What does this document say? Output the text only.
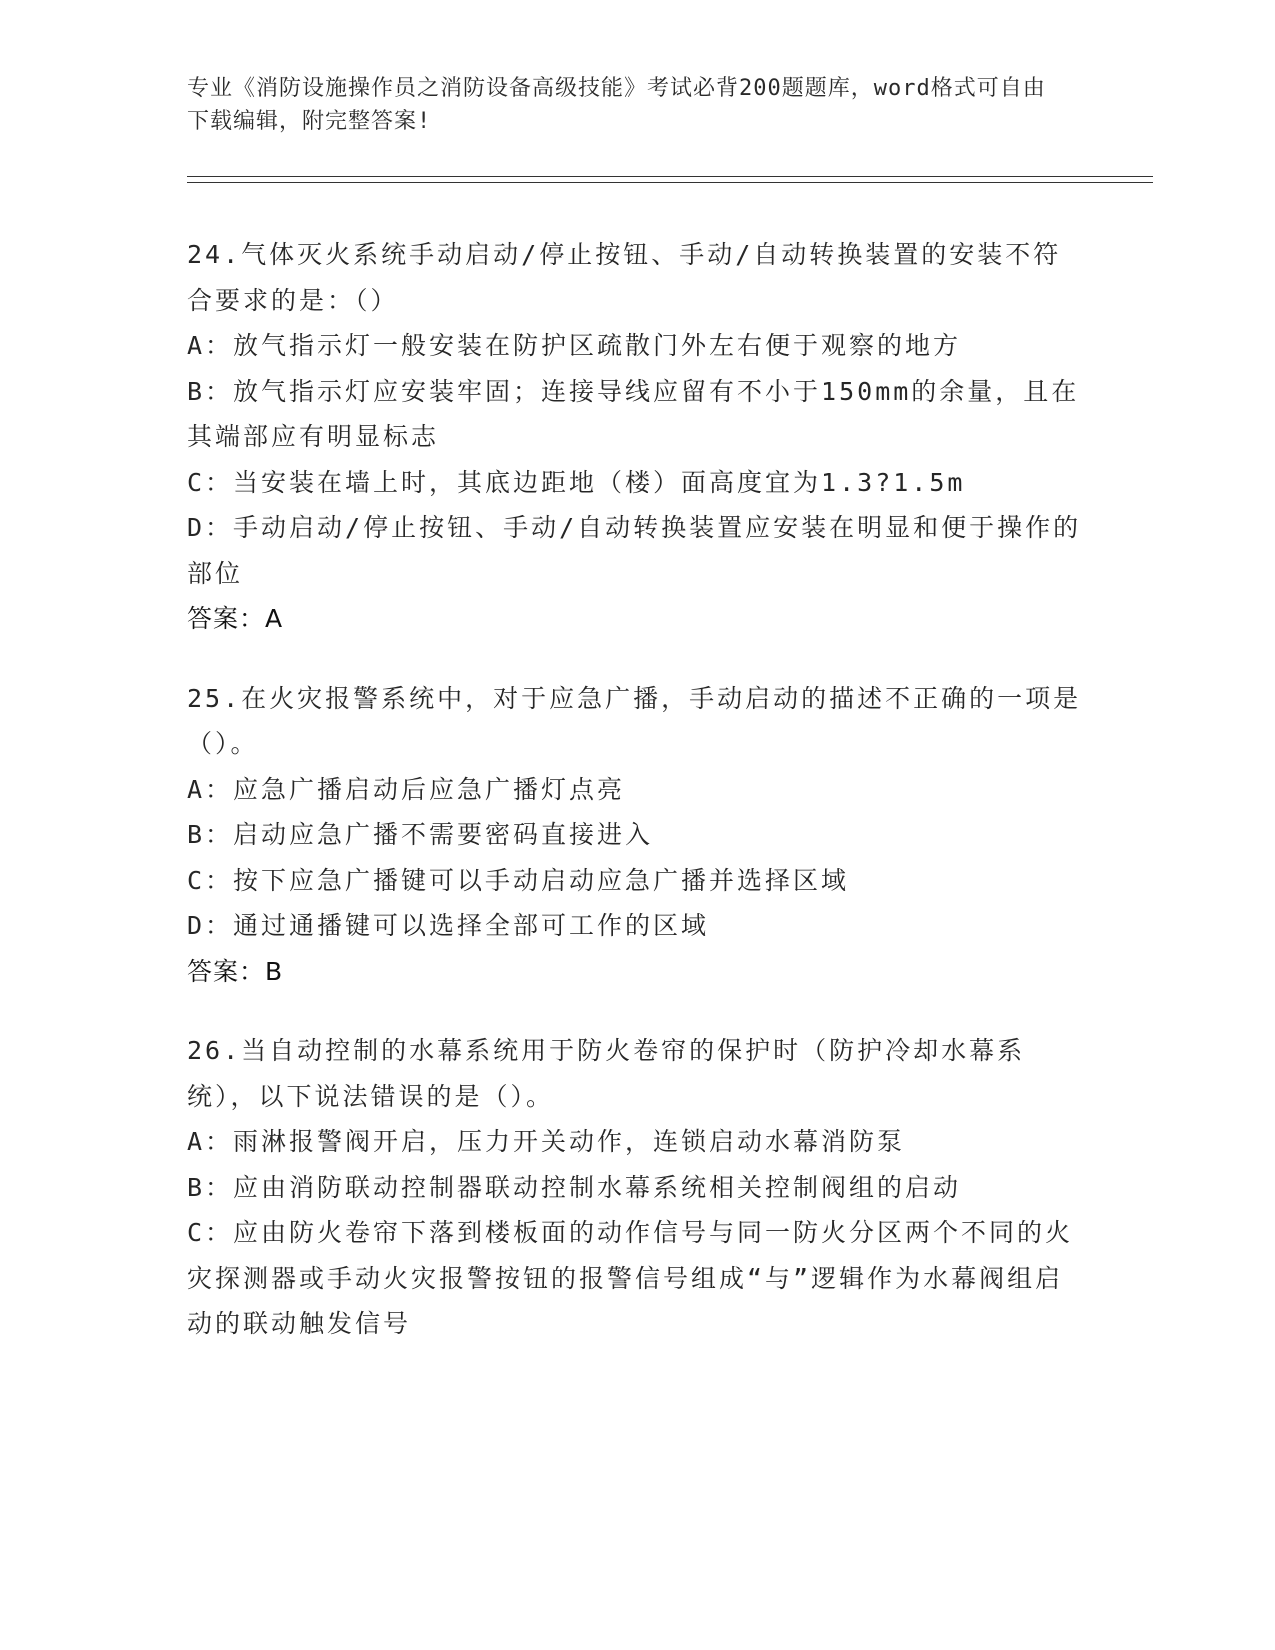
专业《消防设施操作员之消防设备高级技能》考试必背200题题库，word格式可自由下载编辑，附完整答案!
24.气体灭火系统手动启动/停止按钮、手动/自动转换装置的安装不符合要求的是：（）
A：放气指示灯一般安装在防护区疏散门外左右便于观察的地方
B：放气指示灯应安装牢固；连接导线应留有不小于150mm的余量，且在其端部应有明显标志
C：当安装在墙上时，其底边距地（楼）面高度宜为1.3?1.5m
D：手动启动/停止按钮、手动/自动转换装置应安装在明显和便于操作的部位
答案：A
25.在火灾报警系统中，对于应急广播，手动启动的描述不正确的一项是（）。
A：应急广播启动后应急广播灯点亮
B：启动应急广播不需要密码直接进入
C：按下应急广播键可以手动启动应急广播并选择区域
D：通过通播键可以选择全部可工作的区域
答案：B
26.当自动控制的水幕系统用于防火卷帘的保护时（防护冷却水幕系统），以下说法错误的是（）。
A：雨淋报警阀开启，压力开关动作，连锁启动水幕消防泵
B：应由消防联动控制器联动控制水幕系统相关控制阀组的启动
C：应由防火卷帘下落到楼板面的动作信号与同一防火分区两个不同的火灾探测器或手动火灾报警按钮的报警信号组成“与”逻辑作为水幕阀组启动的联动触发信号
